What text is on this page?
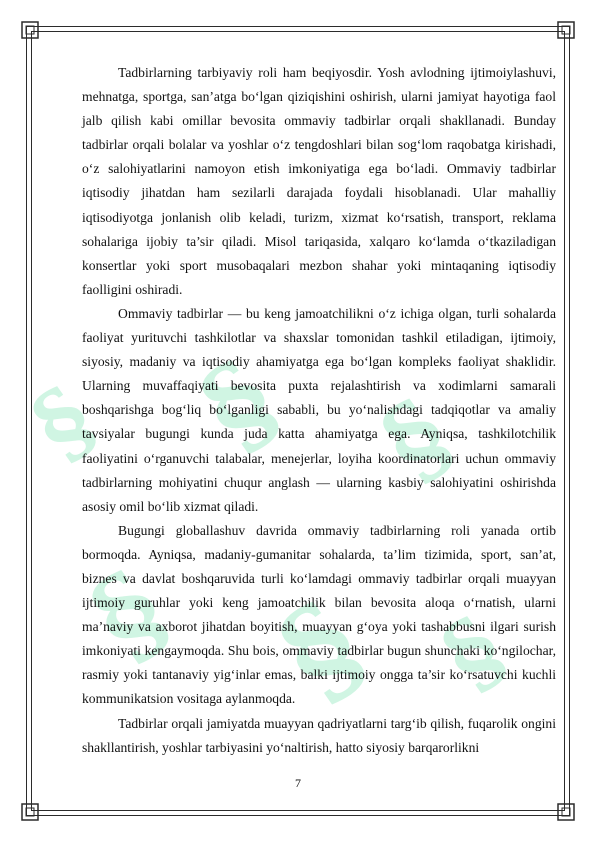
§ § §
§ § §

Tadbirlarning tarbiyaviy roli ham beqiyosdir. Yosh avlodning ijtimoiylashuvi, mehnatga, sportga, san’atga bo‘lgan qiziqishini oshirish, ularni jamiyat hayotiga faol jalb qilish kabi omillar bevosita ommaviy tadbirlar orqali shakllanadi. Bunday tadbirlar orqali bolalar va yoshlar o‘z tengdoshlari bilan sog‘lom raqobatga kirishadi, o‘z salohiyatlarini namoyon etish imkoniyatiga ega bo‘ladi. Ommaviy tadbirlar iqtisodiy jihatdan ham sezilarli darajada foydali hisoblanadi. Ular mahalliy iqtisodiyotga jonlanish olib keladi, turizm, xizmat ko‘rsatish, transport, reklama sohalariga ijobiy ta’sir qiladi. Misol tariqasida, xalqaro ko‘lamda o‘tkaziladigan konsertlar yoki sport musobaqalari mezbon shahar yoki mintaqaning iqtisodiy faolligini oshiradi.

Ommaviy tadbirlar — bu keng jamoatchilikni o‘z ichiga olgan, turli sohalarda faoliyat yurituvchi tashkilotlar va shaxslar tomonidan tashkil etiladigan, ijtimoiy, siyosiy, madaniy va iqtisodiy ahamiyatga ega bo‘lgan kompleks faoliyat shaklidir. Ularning muvaffaqiyati bevosita puxta rejalashtirish va xodimlarni samarali boshqarishga bog‘liq bo‘lganligi sababli, bu yo‘nalishdagi tadqiqotlar va amaliy tavsiyalar bugungi kunda juda katta ahamiyatga ega. Ayniqsa, tashkilotchilik faoliyatini o‘rganuvchi talabalar, menejerlar, loyiha koordinatorlari uchun ommaviy tadbirlarning mohiyatini chuqur anglash — ularning kasbiy salohiyatini oshirishda asosiy omil bo‘lib xizmat qiladi.

Bugungi globallashuv davrida ommaviy tadbirlarning roli yanada ortib bormoqda. Ayniqsa, madaniy-gumanitar sohalarda, ta’lim tizimida, sport, san’at, biznes va davlat boshqaruvida turli ko‘lamdagi ommaviy tadbirlar orqali muayyan ijtimoiy guruhlar yoki keng jamoatchilik bilan bevosita aloqa o‘rnatish, ularni ma’naviy va axborot jihatdan boyitish, muayyan g‘oya yoki tashabbusni ilgari surish imkoniyati kengaymoqda. Shu bois, ommaviy tadbirlar bugun shunchaki ko‘ngilochar, rasmiy yoki tantanaviy yig‘inlar emas, balki ijtimoiy ongga ta’sir ko‘rsatuvchi kuchli kommunikatsion vositaga aylanmoqda.

Tadbirlar orqali jamiyatda muayyan qadriyatlarni targ‘ib qilish, fuqarolik ongini shakllantirish, yoshlar tarbiyasini yo‘naltirish, hatto siyosiy barqarorlikni

7
